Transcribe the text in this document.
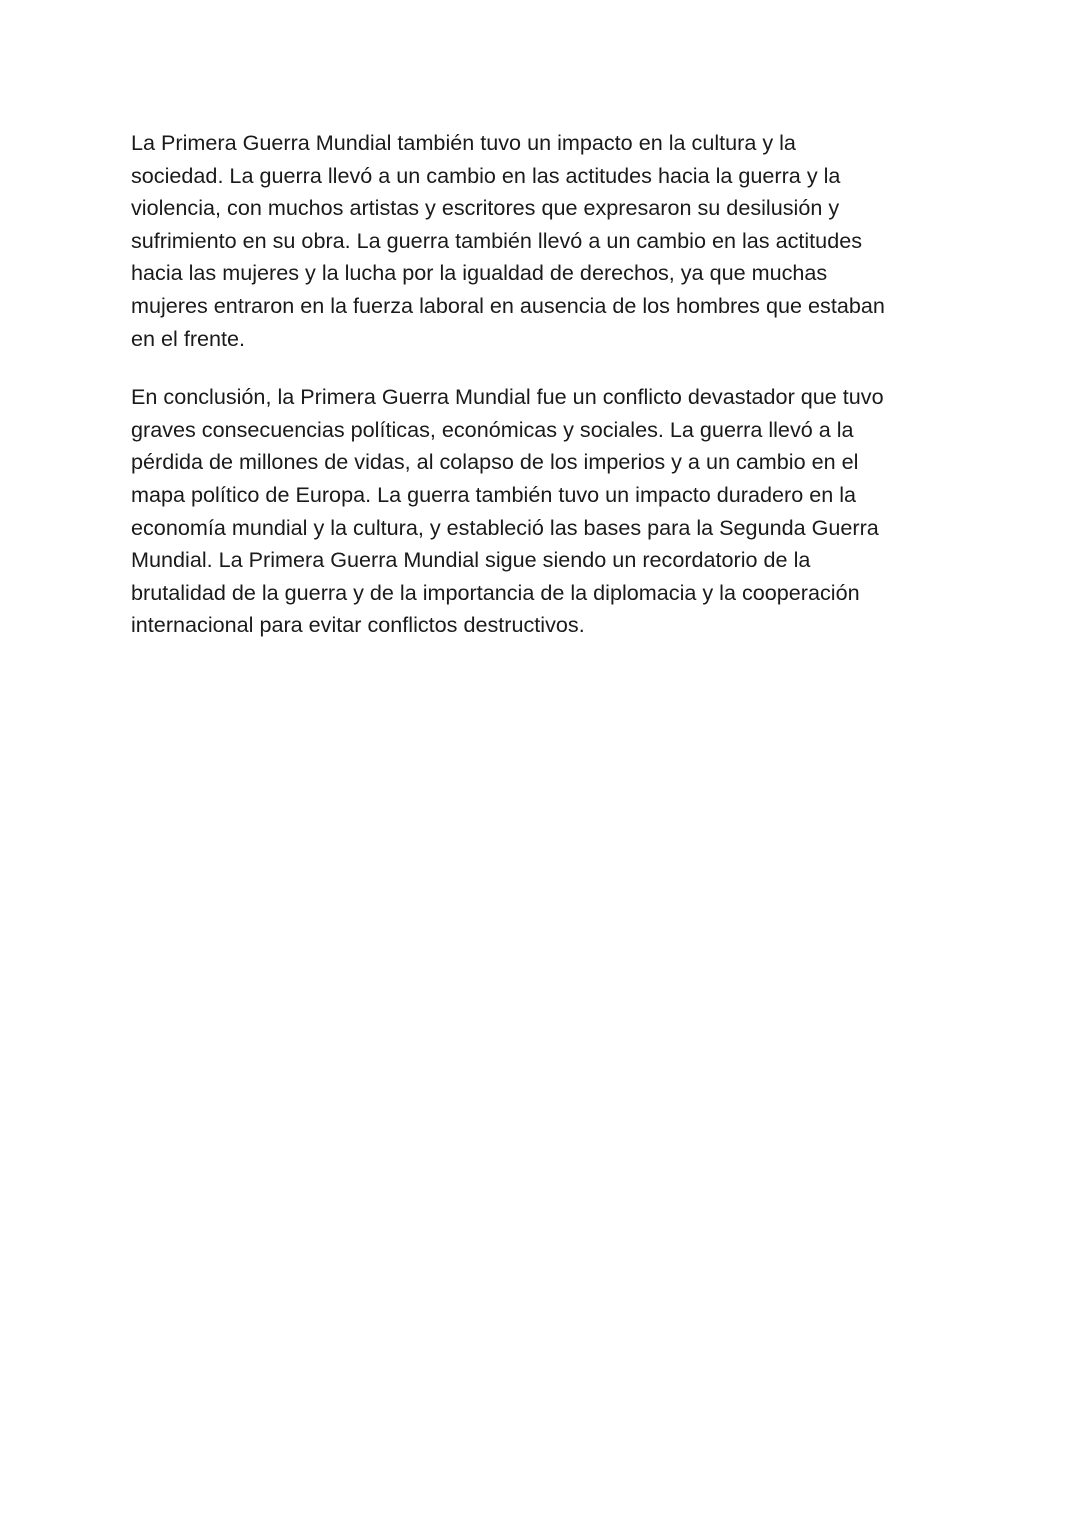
La Primera Guerra Mundial también tuvo un impacto en la cultura y la
sociedad. La guerra llevó a un cambio en las actitudes hacia la guerra y la
violencia, con muchos artistas y escritores que expresaron su desilusión y
sufrimiento en su obra. La guerra también llevó a un cambio en las actitudes
hacia las mujeres y la lucha por la igualdad de derechos, ya que muchas
mujeres entraron en la fuerza laboral en ausencia de los hombres que estaban
en el frente.

En conclusión, la Primera Guerra Mundial fue un conflicto devastador que tuvo
graves consecuencias políticas, económicas y sociales. La guerra llevó a la
pérdida de millones de vidas, al colapso de los imperios y a un cambio en el
mapa político de Europa. La guerra también tuvo un impacto duradero en la
economía mundial y la cultura, y estableció las bases para la Segunda Guerra
Mundial. La Primera Guerra Mundial sigue siendo un recordatorio de la
brutalidad de la guerra y de la importancia de la diplomacia y la cooperación
internacional para evitar conflictos destructivos.
